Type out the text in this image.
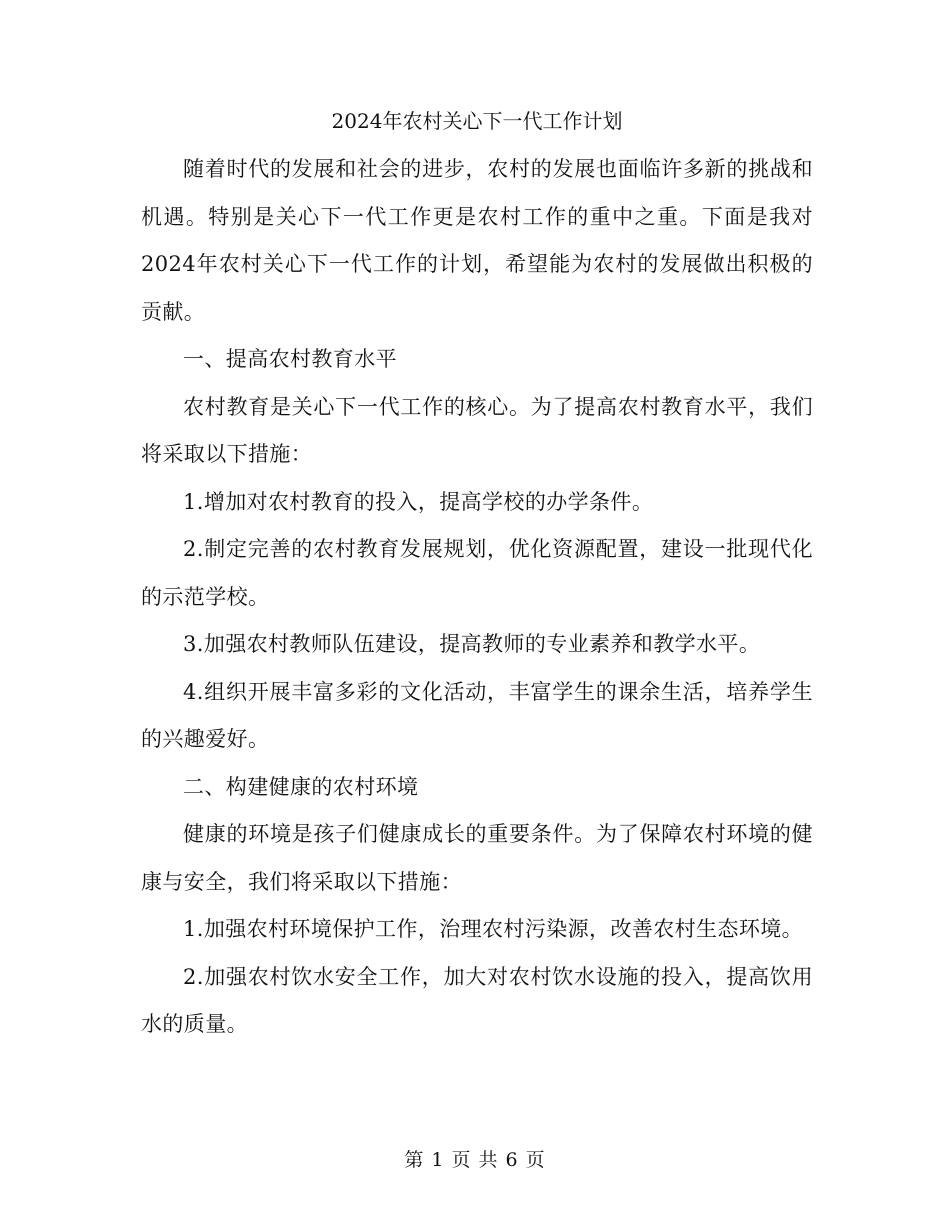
2024年农村关心下一代工作计划

随着时代的发展和社会的进步，农村的发展也面临许多新的挑战和机遇。特别是关心下一代工作更是农村工作的重中之重。下面是我对2024年农村关心下一代工作的计划，希望能为农村的发展做出积极的贡献。

一、提高农村教育水平

农村教育是关心下一代工作的核心。为了提高农村教育水平，我们将采取以下措施：

1.增加对农村教育的投入，提高学校的办学条件。

2.制定完善的农村教育发展规划，优化资源配置，建设一批现代化的示范学校。

3.加强农村教师队伍建设，提高教师的专业素养和教学水平。

4.组织开展丰富多彩的文化活动，丰富学生的课余生活，培养学生的兴趣爱好。

二、构建健康的农村环境

健康的环境是孩子们健康成长的重要条件。为了保障农村环境的健康与安全，我们将采取以下措施：

1.加强农村环境保护工作，治理农村污染源，改善农村生态环境。

2.加强农村饮水安全工作，加大对农村饮水设施的投入，提高饮用水的质量。

第 1 页 共 6 页
